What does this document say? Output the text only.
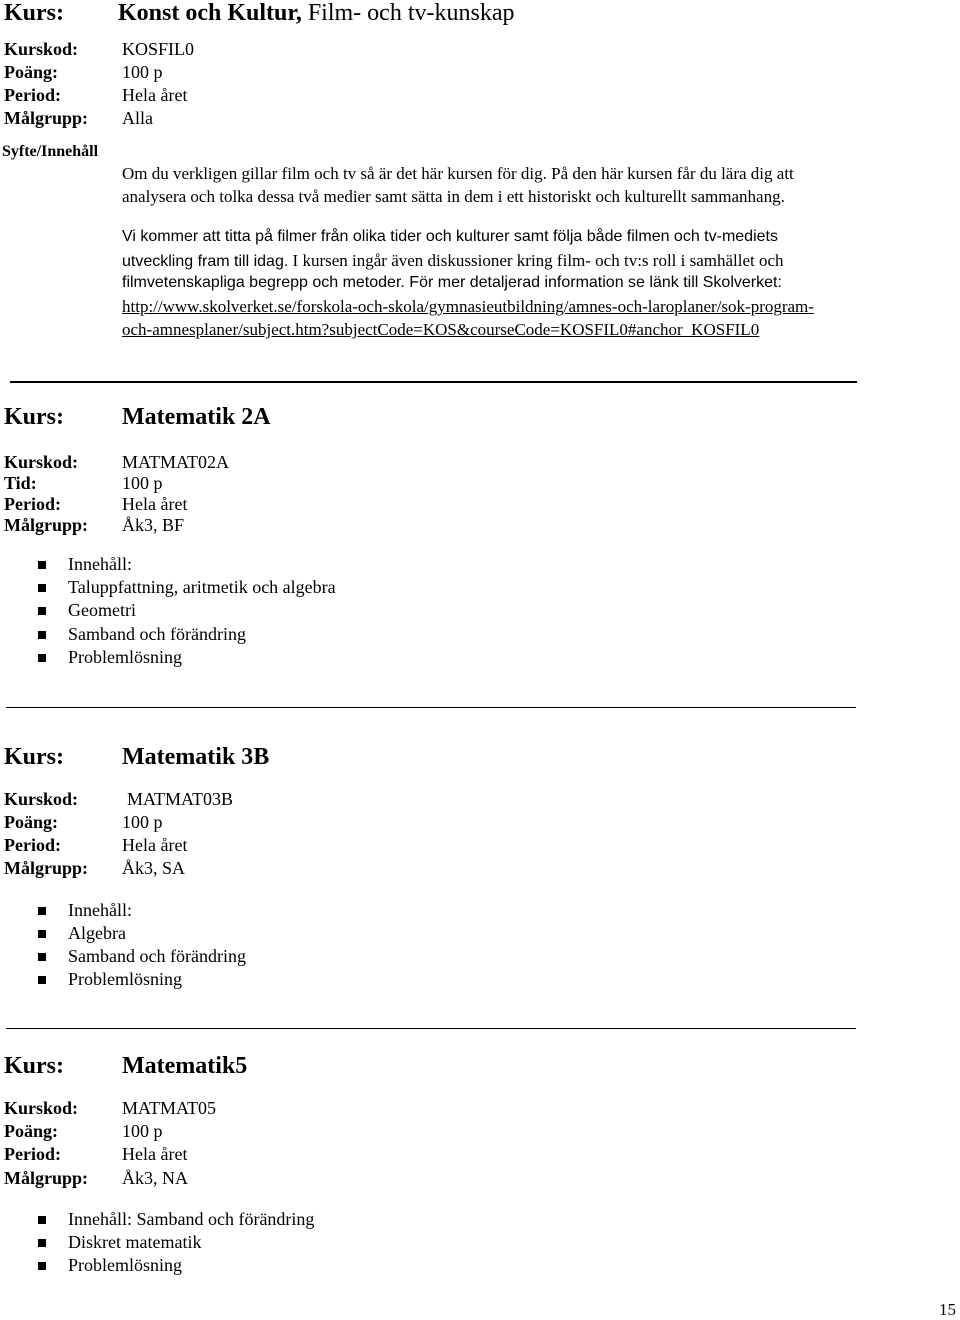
Kurs: Konst och Kultur, Film- och tv-kunskap
Kurskod: KOSFIL0
Poäng:	100 p
Period:	Hela året
Målgrupp: Alla
Syfte/Innehåll
Om du verkligen gillar film och tv så är det här kursen för dig. På den här kursen får du lära dig att
analysera och tolka dessa två medier samt sätta in dem i ett historiskt och kulturellt sammanhang.
Vi kommer att titta på filmer från olika tider och kulturer samt följa både filmen och tv-mediets
utveckling fram till idag. I kursen ingår även diskussioner kring film- och tv:s roll i samhället och
filmvetenskapliga begrepp och metoder. För mer detaljerad information se länk till Skolverket:
http://www.skolverket.se/forskola-och-skola/gymnasieutbildning/amnes-och-laroplaner/sok-program-
och-amnesplaner/subject.htm?subjectCode=KOS&courseCode=KOSFIL0#anchor_KOSFIL0
Kurs: Matematik 2A
Kurskod: MATMAT02A
Tid:	100 p
Period:	Hela året
Målgrupp: Åk3, BF
Innehåll:
Taluppfattning, aritmetik och algebra
Geometri
Samband och förändring
Problemlösning
Kurs: Matematik 3B
Kurskod:	MATMAT03B
Poäng:	100 p
Period:	Hela året
Målgrupp: Åk3, SA
Innehåll:
Algebra
Samband och förändring
Problemlösning
Kurs: Matematik5
Kurskod: MATMAT05
Poäng:	100 p
Period:	Hela året
Målgrupp: Åk3, NA
Innehåll: Samband och förändring
Diskret matematik
Problemlösning
15
